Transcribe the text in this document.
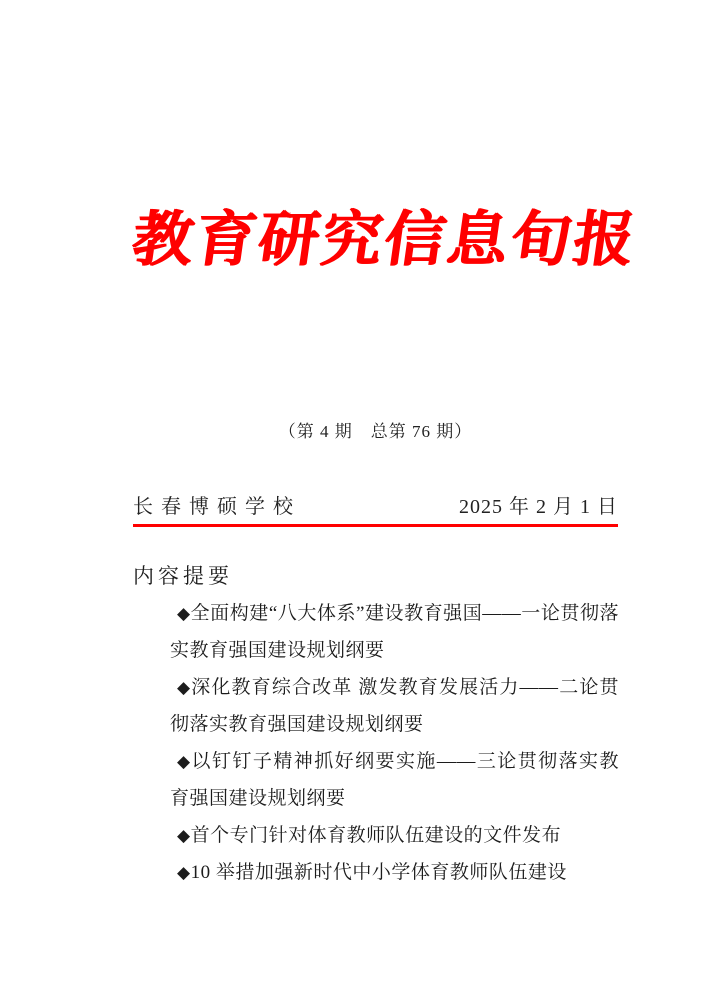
教育研究信息旬报
（第 4 期　总第 76 期）
长春博硕学校	2025 年 2 月 1 日
内容提要
◆全面构建“八大体系”建设教育强国——一论贯彻落实教育强国建设规划纲要
◆深化教育综合改革 激发教育发展活力——二论贯彻落实教育强国建设规划纲要
◆以钉钉子精神抓好纲要实施——三论贯彻落实教育强国建设规划纲要
◆首个专门针对体育教师队伍建设的文件发布
◆10 举措加强新时代中小学体育教师队伍建设
